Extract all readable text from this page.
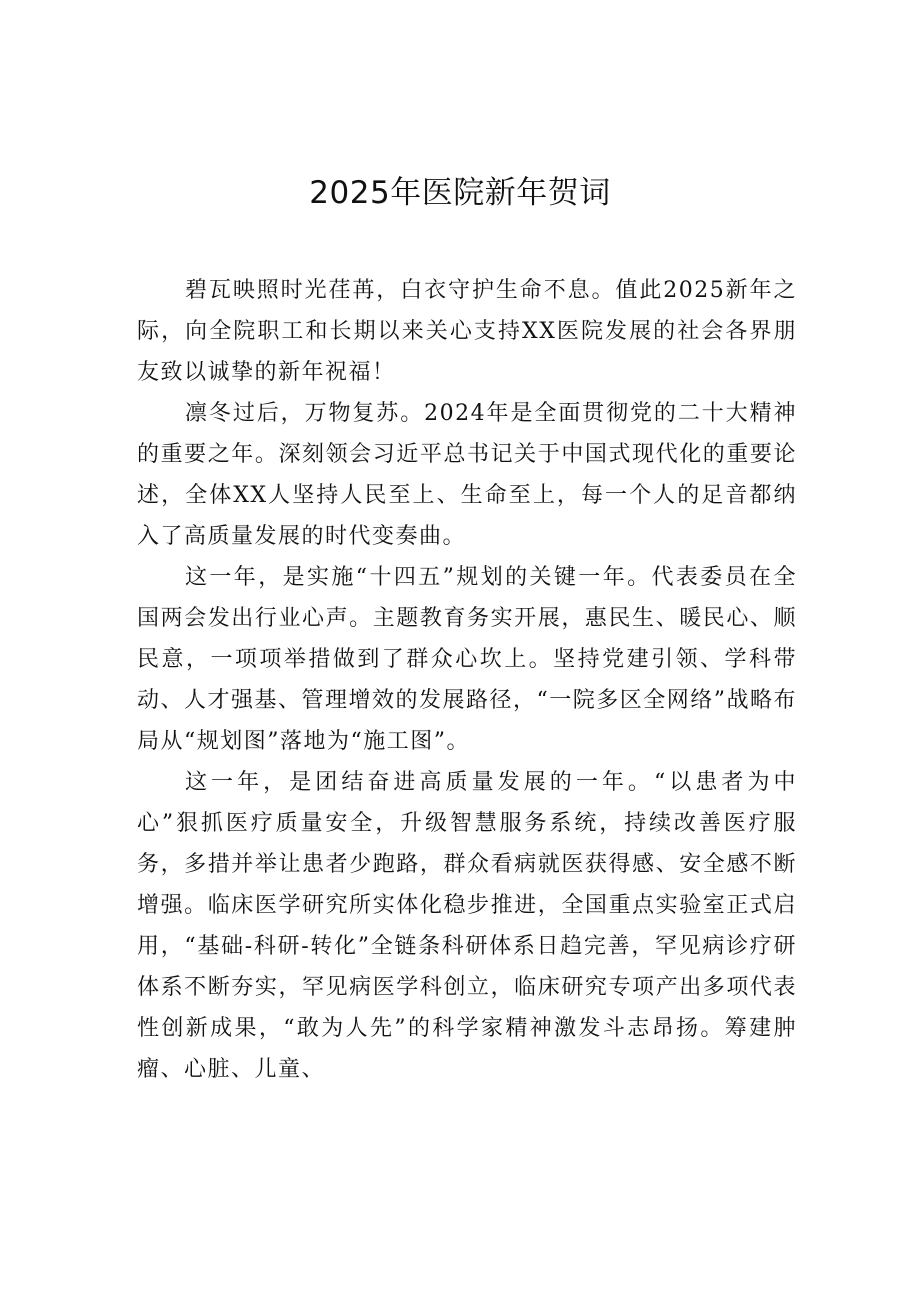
2025年医院新年贺词

碧瓦映照时光荏苒，白衣守护生命不息。值此2025新年之际，向全院职工和长期以来关心支持XX医院发展的社会各界朋友致以诚挚的新年祝福！

凛冬过后，万物复苏。2024年是全面贯彻党的二十大精神的重要之年。深刻领会习近平总书记关于中国式现代化的重要论述，全体XX人坚持人民至上、生命至上，每一个人的足音都纳入了高质量发展的时代变奏曲。

这一年，是实施“十四五”规划的关键一年。代表委员在全国两会发出行业心声。主题教育务实开展，惠民生、暖民心、顺民意，一项项举措做到了群众心坎上。坚持党建引领、学科带动、人才强基、管理增效的发展路径，“一院多区全网络”战略布局从“规划图”落地为“施工图”。

这一年，是团结奋进高质量发展的一年。“以患者为中心”狠抓医疗质量安全，升级智慧服务系统，持续改善医疗服务，多措并举让患者少跑路，群众看病就医获得感、安全感不断增强。临床医学研究所实体化稳步推进，全国重点实验室正式启用，“基础-科研-转化”全链条科研体系日趋完善，罕见病诊疗研体系不断夯实，罕见病医学科创立，临床研究专项产出多项代表性创新成果，“敢为人先”的科学家精神激发斗志昂扬。筹建肿瘤、心脏、儿童、
